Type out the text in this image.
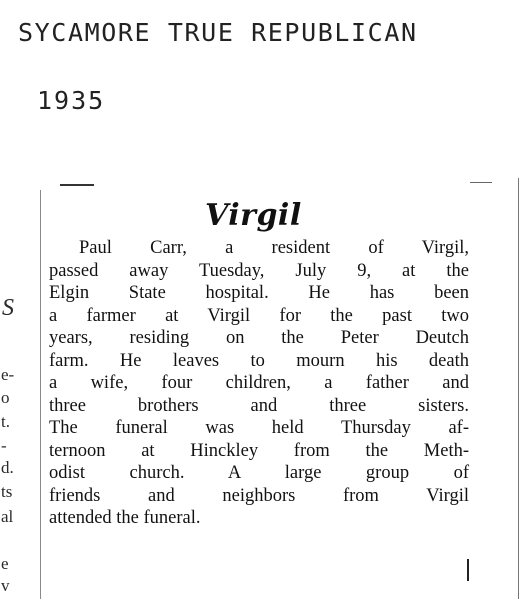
SYCAMORE TRUE REPUBLICAN
1935
S
e-
o
t.
-
d.
ts
al
e
v
Virgil
Paul Carr, a resident of Virgil,
passed away Tuesday, July 9, at the
Elgin State hospital. He has been
a farmer at Virgil for the past two
years, residing on the Peter Deutch
farm. He leaves to mourn his death
a wife, four children, a father and
three brothers and three sisters.
The funeral was held Thursday af-
ternoon at Hinckley from the Meth-
odist church. A large group of
friends and neighbors from Virgil
attended the funeral.
